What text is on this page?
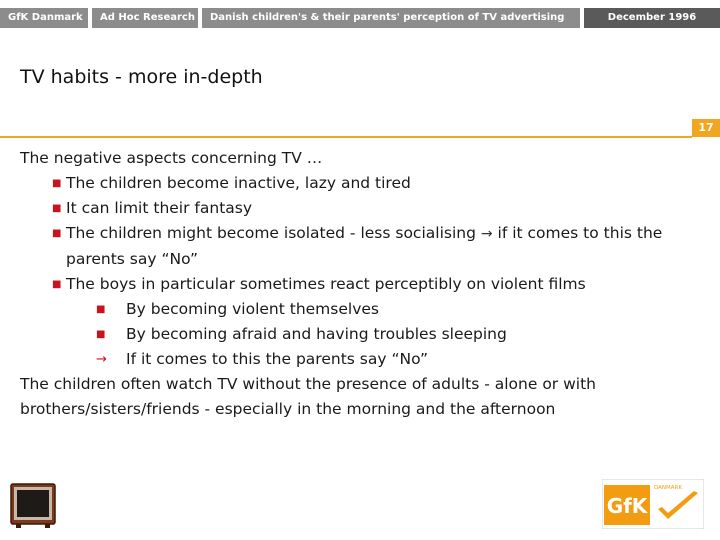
GfK Danmark	Ad Hoc Research	Danish children's & their parents' perception of TV advertising	December 1996
TV habits - more in-depth
17
The negative aspects concerning TV …
■ The children become inactive, lazy and tired
■ It can limit their fantasy
■ The children might become isolated - less socialising → if it comes to this the
parents say “No”
■ The boys in particular sometimes react perceptibly on violent films
■ By becoming violent themselves
■ By becoming afraid and having troubles sleeping
→ If it comes to this the parents say “No”
The children often watch TV without the presence of adults - alone or with
brothers/sisters/friends - especially in the morning and the afternoon
GfK
DANMARK
